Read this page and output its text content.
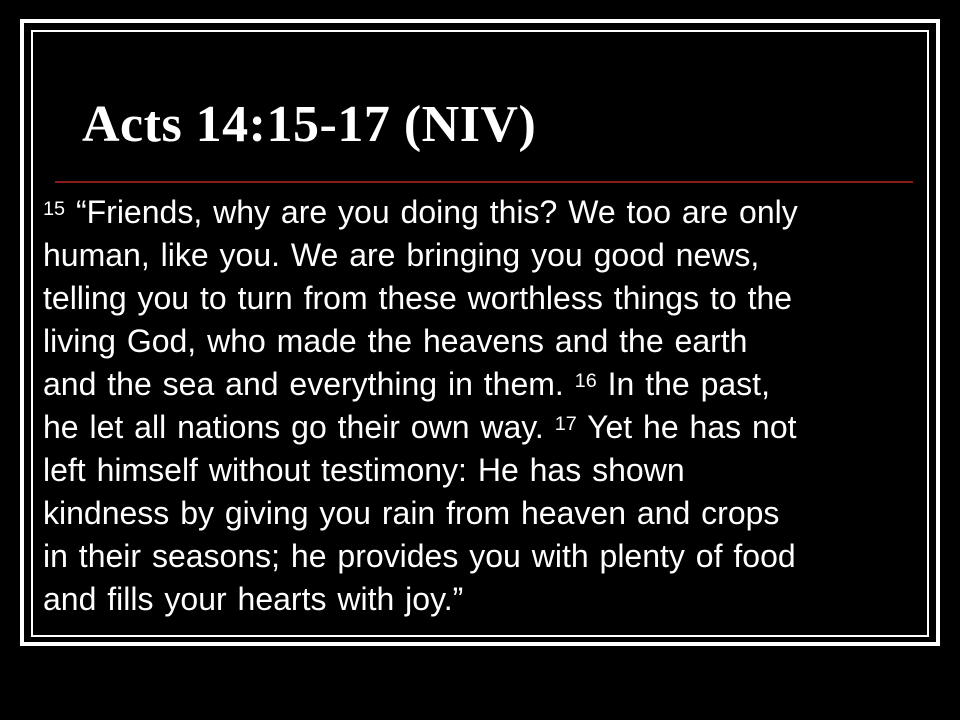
Acts 14:15-17 (NIV)
$^{15}$ “Friends, why are you doing this? We too are only
human, like you. We are bringing you good news,
telling you to turn from these worthless things to the
living God, who made the heavens and the earth
and the sea and everything in them. $^{16}$ In the past,
he let all nations go their own way. $^{17}$ Yet he has not
left himself without testimony: He has shown
kindness by giving you rain from heaven and crops
in their seasons; he provides you with plenty of food
and fills your hearts with joy.”
